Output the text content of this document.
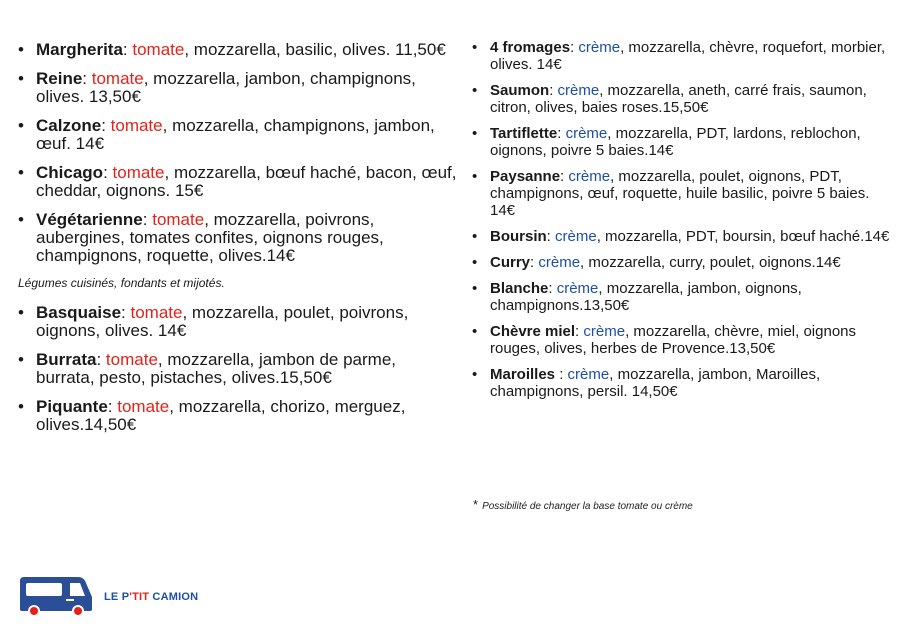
• Margherita: tomate, mozzarella, basilic, olives. 11,50€
• Reine: tomate, mozzarella, jambon, champignons, olives. 13,50€
• Calzone: tomate, mozzarella, champignons, jambon, œuf. 14€
• Chicago: tomate, mozzarella, bœuf haché, bacon, œuf, cheddar, oignons. 15€
• Végétarienne: tomate, mozzarella, poivrons, aubergines, tomates confites, oignons rouges, champignons, roquette, olives.14€
Légumes cuisinés, fondants et mijotés.
• Basquaise: tomate, mozzarella, poulet, poivrons, oignons, olives. 14€
• Burrata: tomate, mozzarella, jambon de parme, burrata, pesto, pistaches, olives.15,50€
• Piquante: tomate, mozzarella, chorizo, merguez, olives.14,50€
• 4 fromages: crème, mozzarella, chèvre, roquefort, morbier, olives. 14€
• Saumon: crème, mozzarella, aneth, carré frais, saumon, citron, olives, baies roses.15,50€
• Tartiflette: crème, mozzarella, PDT, lardons, reblochon, oignons, poivre 5 baies.14€
• Paysanne: crème, mozzarella, poulet, oignons, PDT, champignons, œuf, roquette, huile basilic, poivre 5 baies. 14€
• Boursin: crème, mozzarella, PDT, boursin, bœuf haché.14€
• Curry: crème, mozzarella, curry, poulet, oignons.14€
• Blanche: crème, mozzarella, jambon, oignons, champignons.13,50€
• Chèvre miel: crème, mozzarella, chèvre, miel, oignons rouges, olives, herbes de Provence.13,50€
• Maroilles : crème, mozzarella, jambon, Maroilles, champignons, persil. 14,50€
* Possibilité de changer la base tomate ou crème
LE P'TIT CAMION
